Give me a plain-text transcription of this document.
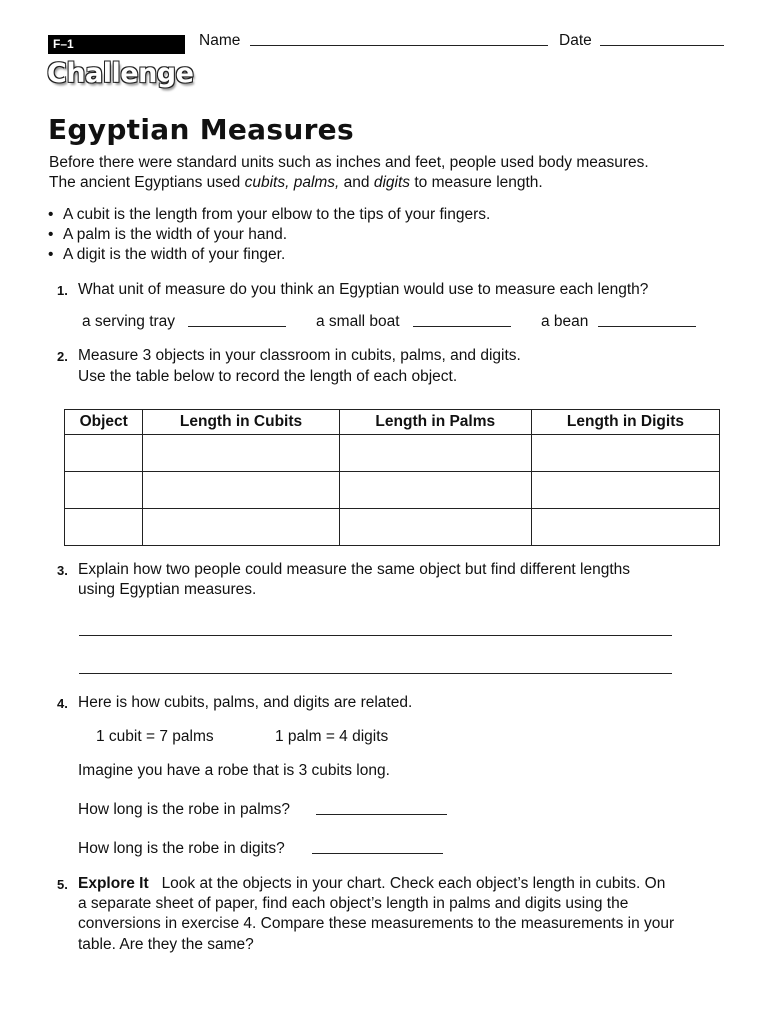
F–1	Name	Date
Challenge
Egyptian Measures
Before there were standard units such as inches and feet, people used body measures.
The ancient Egyptians used cubits, palms, and digits to measure length.
• A cubit is the length from your elbow to the tips of your fingers.
• A palm is the width of your hand.
• A digit is the width of your finger.
1. What unit of measure do you think an Egyptian would use to measure each length?
a serving tray	a small boat	a bean
2. Measure 3 objects in your classroom in cubits, palms, and digits.
Use the table below to record the length of each object.
Object	Length in Cubits	Length in Palms	Length in Digits

3. Explain how two people could measure the same object but find different lengths
using Egyptian measures.
4. Here is how cubits, palms, and digits are related.
1 cubit = 7 palms	1 palm = 4 digits
Imagine you have a robe that is 3 cubits long.
How long is the robe in palms?
How long is the robe in digits?
5. Explore It Look at the objects in your chart. Check each object’s length in cubits. On
a separate sheet of paper, find each object’s length in palms and digits using the
conversions in exercise 4. Compare these measurements to the measurements in your
table. Are they the same?
